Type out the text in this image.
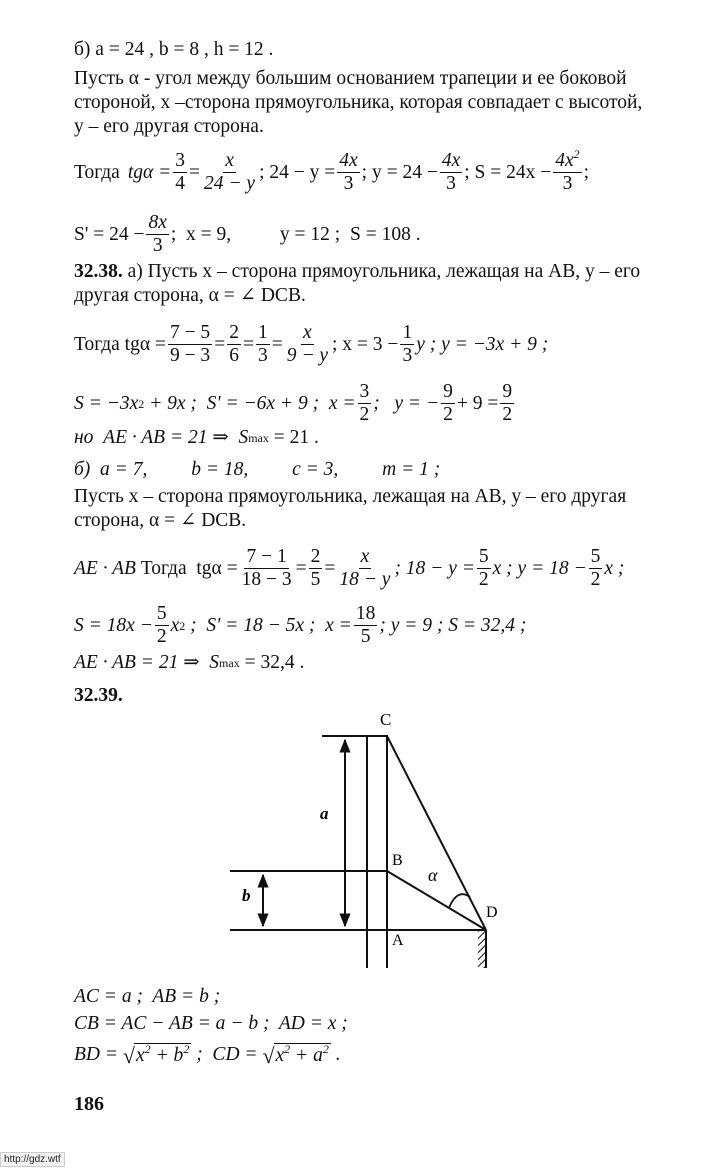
б) a = 24 , b = 8 , h = 12 .
Пусть α - угол между большим основанием трапеции и ее боковой
стороной, х –сторона прямоугольника, которая совпадает с высотой,
у – его другая сторона.
Тогда $tg\alpha = \frac{3}{4} = \frac{x}{24 - y}$ ; $24 - y = \frac{4x}{3}$ ; $y = 24 - \frac{4x}{3}$ ; $S = 24x - \frac{4x^2}{3}$ ;
$S' = 24 - \frac{8x}{3}$ ;  x = 9,          y = 12 ;  S = 108 .
32.38. а) Пусть x – сторона прямоугольника, лежащая на AB, у – его
другая сторона, α = ∠ DCB.
Тогда $tg\alpha = \frac{7 - 5}{9 - 3} = \frac{2}{6} = \frac{1}{3} = \frac{x}{9 - y}$ ; $x = 3 - \frac{1}{3}$ y ; y = −3x + 9 ;
S = −3x 2 + 9x ;  S' = −6x + 9 ;  $x = \frac{3}{2}$ ;   y = − $\frac{9}{2} + 9 = \frac{9}{2}$
но  AE · AB = 21 ⇒  S max = 21 .
б)  a = 7,         b = 18,         c = 3,         m = 1 ;
Пусть х – сторона прямоугольника, лежащая на АВ, у – его другая
сторона, α = ∠ DCB.
AE · AB Тогда  $tg\alpha = \frac{7 - 1}{18 - 3} = \frac{2}{5} = \frac{x}{18 - y}$ ; $18 - y = \frac{5}{2}$ x ; $y = 18 - \frac{5}{2}$ x ;
$S = 18x - \frac{5}{2}$ x 2 ;  S' = 18 − 5x ;  $x = \frac{18}{5}$ ; y = 9 ; S = 32,4 ;
AE · AB = 21 ⇒  S max = 32,4 .
32.39.
C
B
A
D
a
b
α
AC = a ;  AB = b ;
CB = AC − AB = a − b ;  AD = x ;
BD = √ $x^2 + b^2$ ;  CD = √ $x^2 + a^2$ .
186
http://gdz.wtf
